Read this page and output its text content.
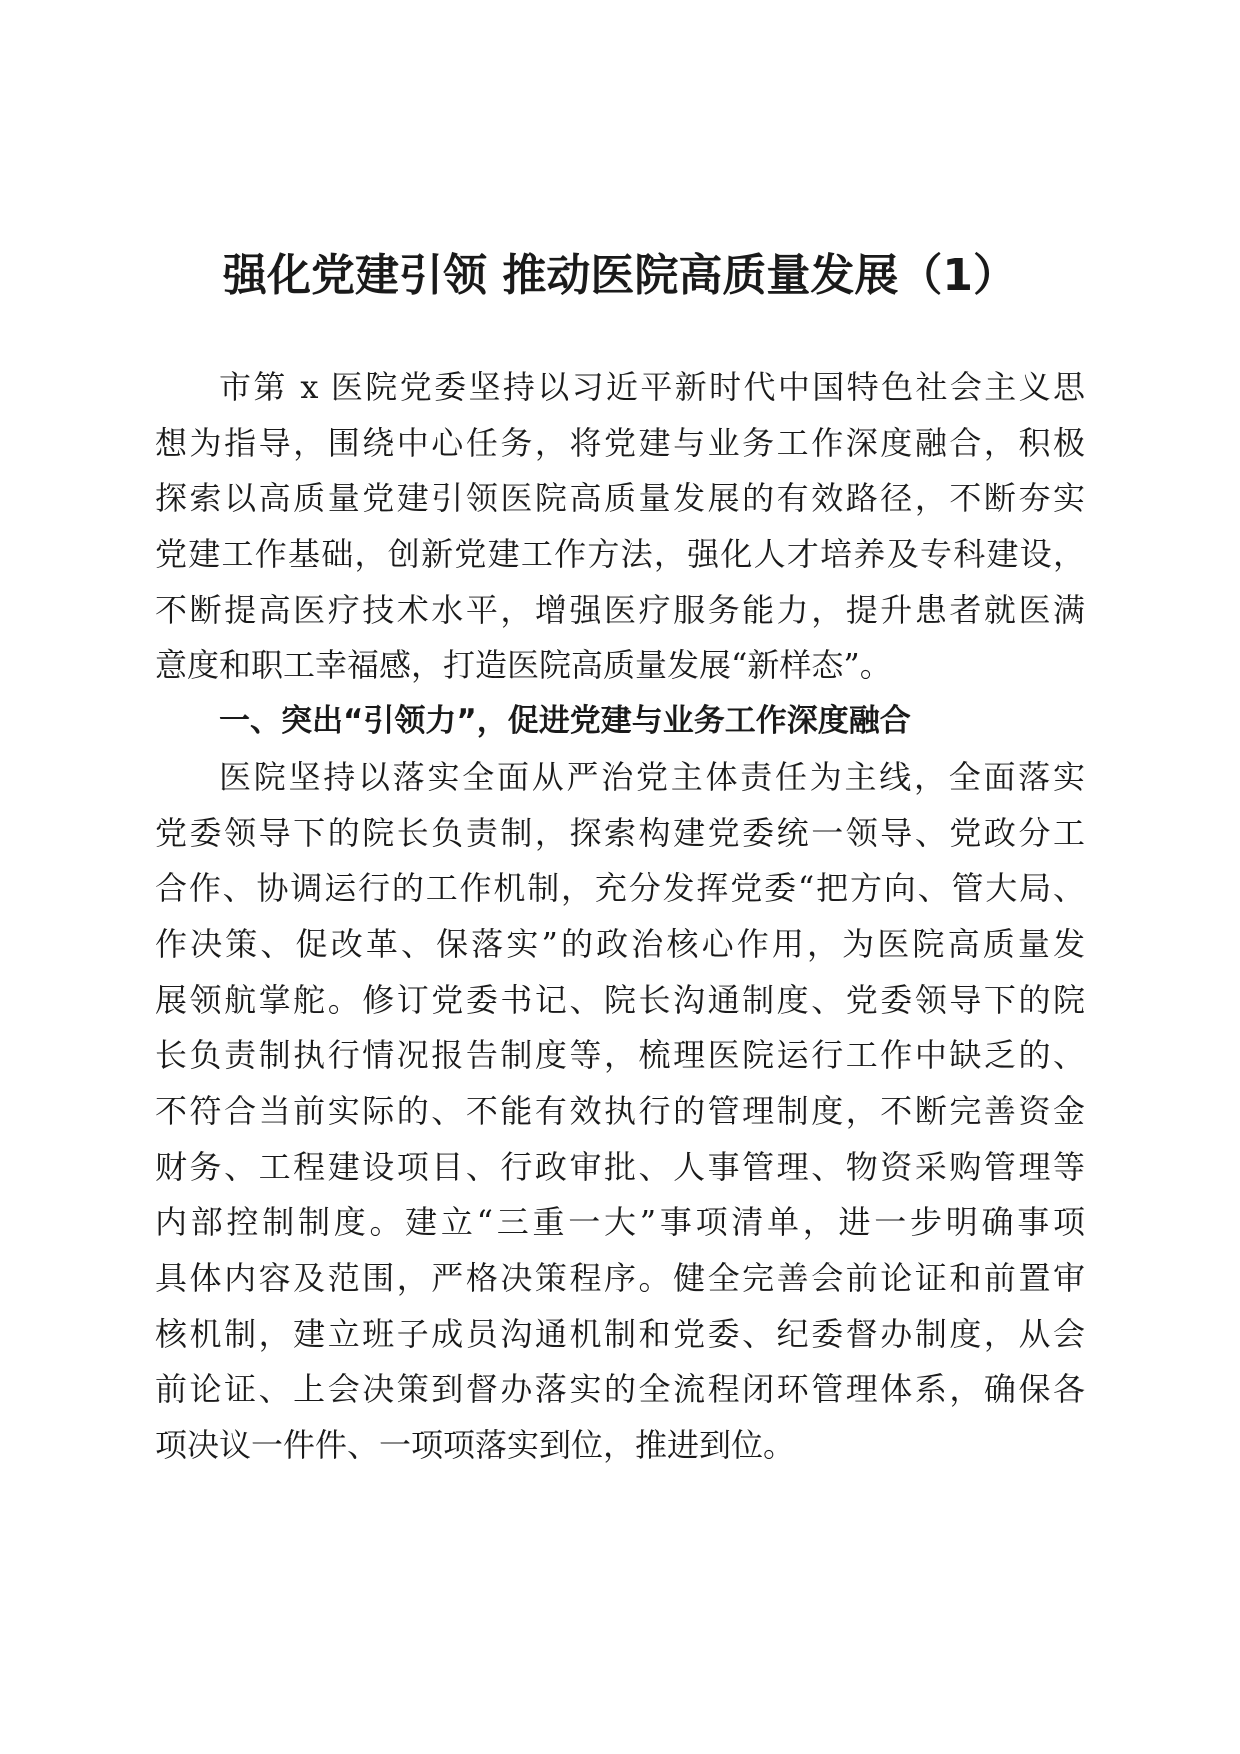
强化党建引领 推动医院高质量发展（1）
市第 x 医院党委坚持以习近平新时代中国特色社会主义思
想为指导，围绕中心任务，将党建与业务工作深度融合，积极
探索以高质量党建引领医院高质量发展的有效路径，不断夯实
党建工作基础，创新党建工作方法，强化人才培养及专科建设，
不断提高医疗技术水平，增强医疗服务能力，提升患者就医满
意度和职工幸福感，打造医院高质量发展“新样态”。
一、突出“引领力”，促进党建与业务工作深度融合
医院坚持以落实全面从严治党主体责任为主线，全面落实
党委领导下的院长负责制，探索构建党委统一领导、党政分工
合作、协调运行的工作机制，充分发挥党委“把方向、管大局、
作决策、促改革、保落实”的政治核心作用，为医院高质量发
展领航掌舵。修订党委书记、院长沟通制度、党委领导下的院
长负责制执行情况报告制度等，梳理医院运行工作中缺乏的、
不符合当前实际的、不能有效执行的管理制度，不断完善资金
财务、工程建设项目、行政审批、人事管理、物资采购管理等
内部控制制度。建立“三重一大”事项清单，进一步明确事项
具体内容及范围，严格决策程序。健全完善会前论证和前置审
核机制，建立班子成员沟通机制和党委、纪委督办制度，从会
前论证、上会决策到督办落实的全流程闭环管理体系，确保各
项决议一件件、一项项落实到位，推进到位。
